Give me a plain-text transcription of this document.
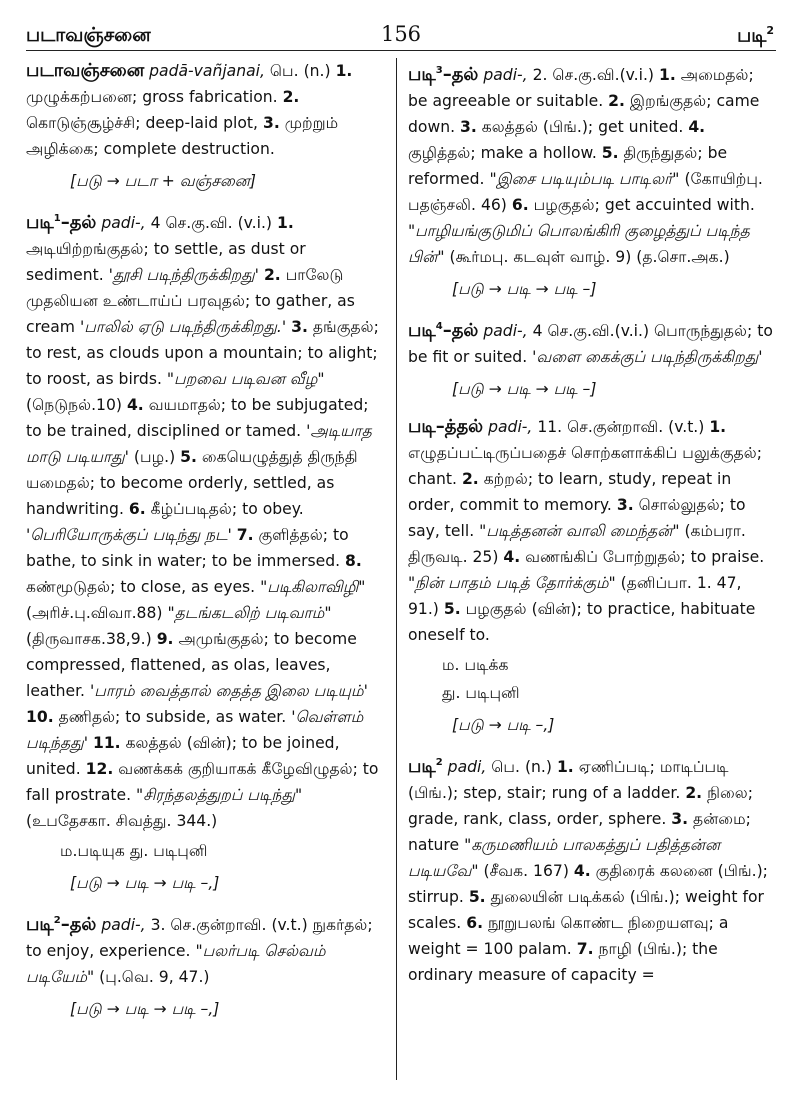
படாவஞ்சனை	156	படி$^2$

படாவஞ்சனை padā-vañjanai, பெ. (n.) 1. முழுக்கற்பனை; gross fabrication. 2. கொடுஞ்சூழ்ச்சி; deep-laid plot, 3. முற்றும் அழிக்கை; complete destruction.

[படு → படா + வஞ்சனை]

படி$^1$–தல் padi-, 4 செ.கு.வி. (v.i.) 1. அடியிற்றங்குதல்; to settle, as dust or sediment. 'தூசி படிந்திருக்கிறது' 2. பாலேடு முதலியன உண்டாய்ப் பரவுதல்; to gather, as cream 'பாலில் ஏடு படிந்திருக்கிறது.' 3. தங்குதல்; to rest, as clouds upon a mountain; to alight; to roost, as birds. "பறவை படிவன வீழ" (நெடுநல்.10) 4. வயமாதல்; to be subjugated; to be trained, disciplined or tamed. 'அடியாத மாடு படியாது' (பழ.) 5. கையெழுத்துத் திருந்தி யமைதல்; to become orderly, settled, as handwriting. 6. கீழ்ப்படிதல்; to obey. 'பெரியோருக்குப் படிந்து நட' 7. குளித்தல்; to bathe, to sink in water; to be immersed. 8. கண்மூடுதல்; to close, as eyes. "படிகிலாவிழி" (அரிச்.பு.விவா.88) "தடங்கடலிற் படிவாம்" (திருவாசக.38,9.) 9. அமுங்குதல்; to become compressed, flattened, as olas, leaves, leather. 'பாரம் வைத்தால் தைத்த இலை படியும்' 10. தணிதல்; to subside, as water. 'வெள்ளம் படிந்தது' 11. கலத்தல் (வின்); to be joined, united. 12. வணக்கக் குறியாகக் கீழேவிழுதல்; to fall prostrate. "சிரந்தலத்துறப் படிந்து" (உபதேசகா. சிவத்து. 344.)

ம.படியுக து. படிபுனி
[படு → படி → படி –,]

படி$^2$–தல் padi-, 3. செ.குன்றாவி. (v.t.) நுகர்தல்; to enjoy, experience. "பலர்படி செல்வம் படியேம்" (பு.வெ. 9, 47.)

[படு → படி → படி –,]

படி$^3$–தல் padi-, 2. செ.கு.வி.(v.i.) 1. அமைதல்; be agreeable or suitable. 2. இறங்குதல்; came down. 3. கலத்தல் (பிங்.); get united. 4. குழித்தல்; make a hollow. 5. திருந்துதல்; be reformed. "இசை படியும்படி பாடிலர்" (கோயிற்பு. பதஞ்சலி. 46) 6. பழகுதல்; get accuinted with. "பாழியங்குடுமிப் பொலங்கிரி குழைத்துப் படிந்த பின்" (கூர்மபு. கடவுள் வாழ். 9) (த.சொ.அக.)

[படு → படி → படி –]

படி$^4$–தல் padi-, 4 செ.கு.வி.(v.i.) பொருந்துதல்; to be fit or suited. 'வளை கைக்குப் படிந்திருக்கிறது'

[படு → படி → படி –]

படி–த்தல் padi-, 11. செ.குன்றாவி. (v.t.) 1. எழுதப்பட்டிருப்பதைச் சொற்களாக்கிப் பலுக்குதல்; chant. 2. கற்றல்; to learn, study, repeat in order, commit to memory. 3. சொல்லுதல்; to say, tell. "படித்தனன் வாலி மைந்தன்" (கம்பரா. திருவடி. 25) 4. வணங்கிப் போற்றுதல்; to praise. "நின் பாதம் படித் தோர்க்கும்" (தனிப்பா. 1. 47, 91.) 5. பழகுதல் (வின்); to practice, habituate oneself to.

ம. படிக்க
து. படிபுனி
[படு → படி –,]

படி$^2$ padi, பெ. (n.) 1. ஏணிப்படி; மாடிப்படி (பிங்.); step, stair; rung of a ladder. 2. நிலை; grade, rank, class, order, sphere. 3. தன்மை; nature "கருமணியம் பாலகத்துப் பதித்தன்ன படியவே" (சீவக. 167) 4. குதிரைக் கலனை (பிங்.); stirrup. 5. துலையின் படிக்கல் (பிங்.); weight for scales. 6. நூறுபலங் கொண்ட நிறையளவு; a weight = 100 palam. 7. நாழி (பிங்.); the ordinary measure of capacity =
